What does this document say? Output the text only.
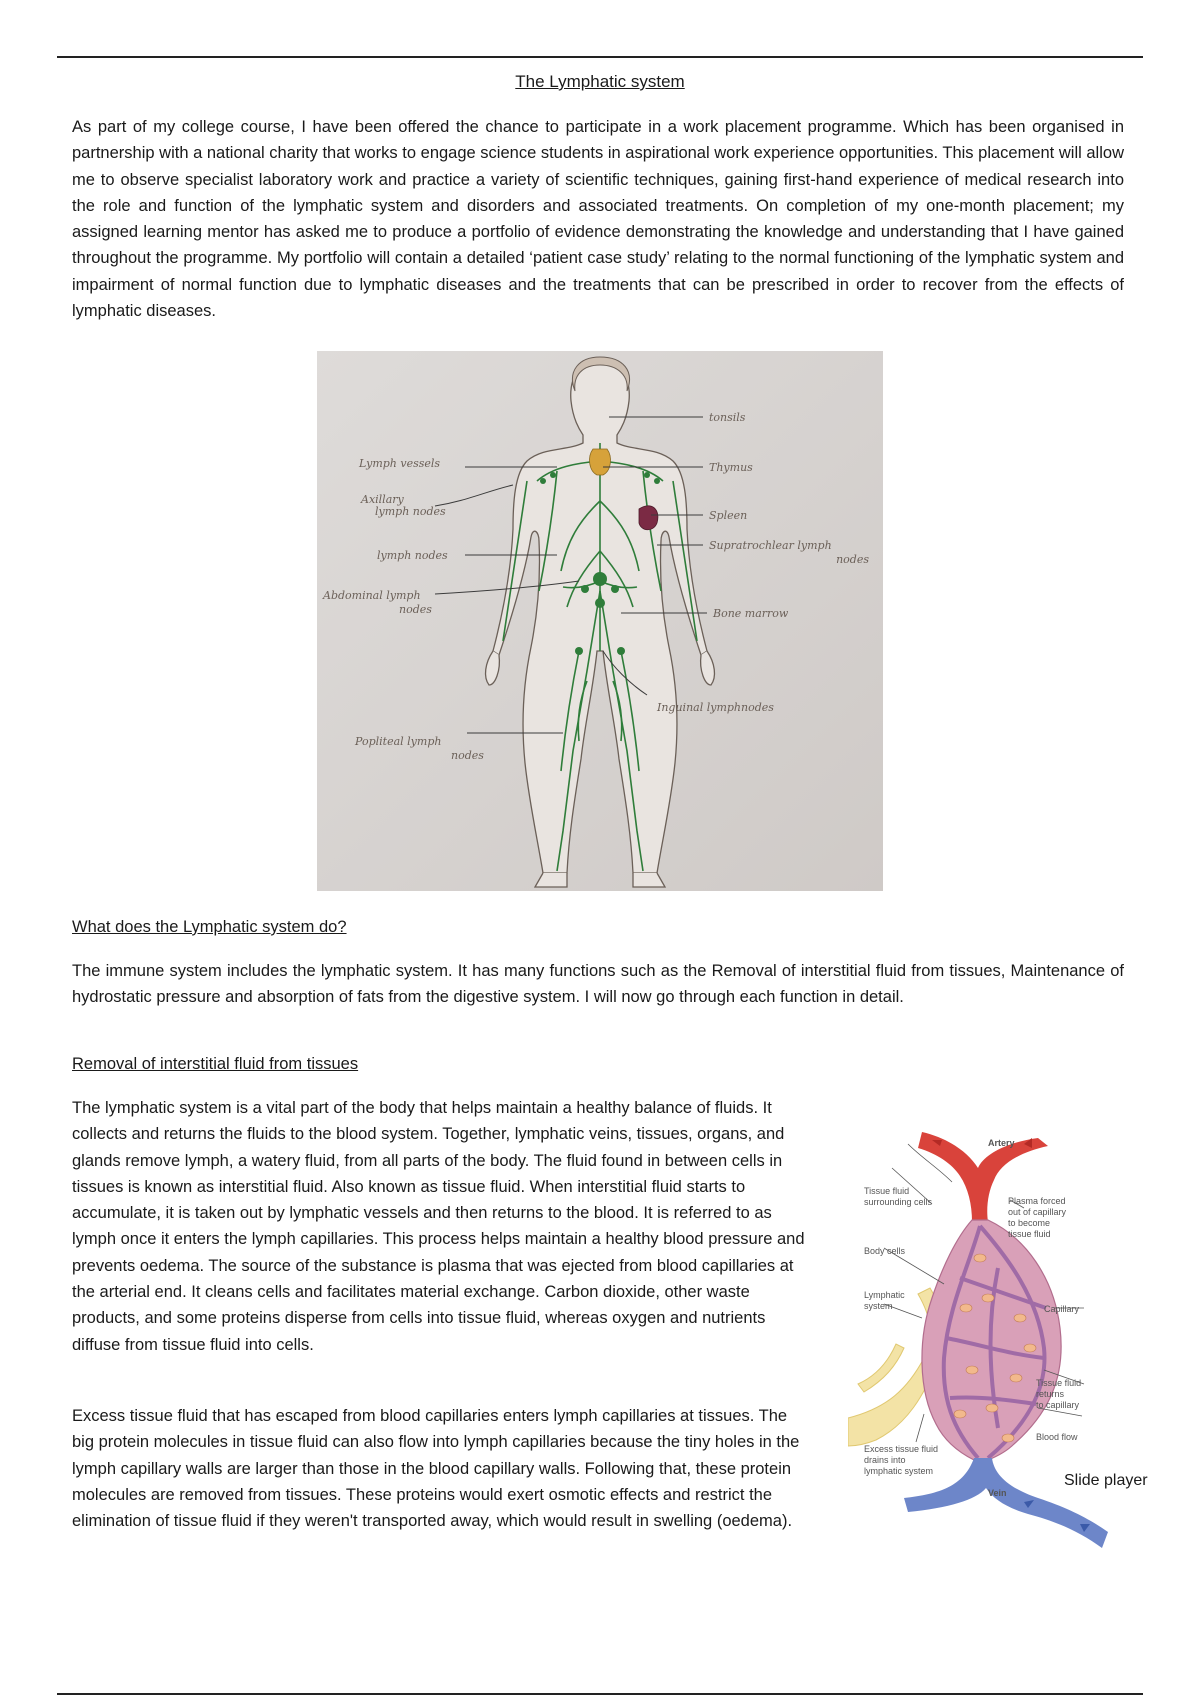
The Lymphatic system

As part of my college course, I have been offered the chance to participate in a work placement programme. Which has been organised in partnership with a national charity that works to engage science students in aspirational work experience opportunities. This placement will allow me to observe specialist laboratory work and practice a variety of scientific techniques, gaining first-hand experience of medical research into the role and function of the lymphatic system and disorders and associated treatments. On completion of my one-month placement; my assigned learning mentor has asked me to produce a portfolio of evidence demonstrating the knowledge and understanding that I have gained throughout the programme. My portfolio will contain a detailed ‘patient case study’ relating to the normal functioning of the lymphatic system and impairment of normal function due to lymphatic diseases and the treatments that can be prescribed in order to recover from the effects of lymphatic diseases.

tonsils
Thymus
Lymph vessels
Axillary
lymph nodes	Spleen
Supratrochlear lymph
nodes
lymph nodes
Abdominal lymph
nodes	Bone marrow
Inguinal lymphnodes
Popliteal lymph
nodes
What does the Lymphatic system do?

The immune system includes the lymphatic system. It has many functions such as the Removal of interstitial fluid from tissues, Maintenance of hydrostatic pressure and absorption of fats from the digestive system. I will now go through each function in detail.

Removal of interstitial fluid from tissues

The lymphatic system is a vital part of the body that helps maintain a healthy balance of fluids. It collects and returns the fluids to the blood system. Together, lymphatic veins, tissues, organs, and glands remove lymph, a watery fluid, from all parts of the body. The fluid found in between cells in tissues is known as interstitial fluid. Also known as tissue fluid. When interstitial fluid starts to accumulate, it is taken out by lymphatic vessels and then returns to the blood. It is referred to as lymph once it enters the lymph capillaries. This process helps maintain a healthy blood pressure and prevents oedema. The source of the substance is plasma that was ejected from blood capillaries at the arterial end. It cleans cells and facilitates material exchange. Carbon dioxide, other waste products, and some proteins disperse from cells into tissue fluid, whereas oxygen and nutrients diffuse from tissue fluid into cells.

Excess tissue fluid that has escaped from blood capillaries enters lymph capillaries at tissues. The big protein molecules in tissue fluid can also flow into lymph capillaries because the tiny holes in the lymph capillary walls are larger than those in the blood capillary walls. Following that, these protein molecules are removed from tissues. These proteins would exert osmotic effects and restrict the elimination of tissue fluid if they weren't transported away, which would result in swelling (oedema).

Artery
Tissue fluid
surrounding cells	Plasma forced
out of capillary
to become
tissue fluid
Body cells
Lymphatic
system	Capillary
Tissue fluid
returns
to capillary
Blood flow
Excess tissue fluid
drains into
lymphatic system
Vein
Slide player
